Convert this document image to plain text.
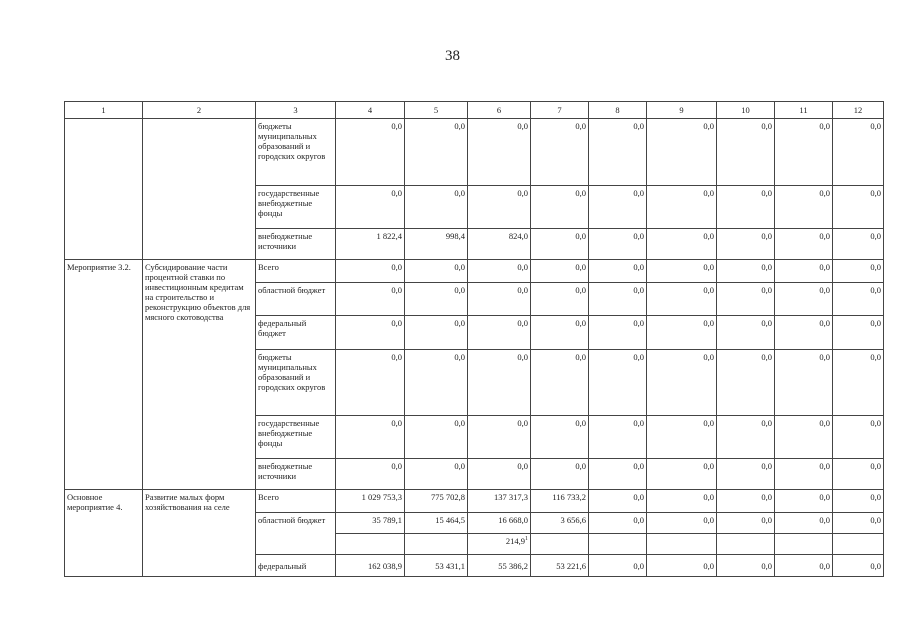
38
1	2	3	4	5	6	7	8	9	10	11	12
		бюджеты муниципальных образований и городских округов	0,0	0,0	0,0	0,0	0,0	0,0	0,0	0,0	0,0
		государственные внебюджетные фонды	0,0	0,0	0,0	0,0	0,0	0,0	0,0	0,0	0,0
		внебюджетные источники	1 822,4	998,4	824,0	0,0	0,0	0,0	0,0	0,0	0,0
Мероприятие 3.2.	Субсидирование части процентной ставки по инвестиционным кредитам на строительство и реконструкцию объектов для мясного скотоводства	Всего	0,0	0,0	0,0	0,0	0,0	0,0	0,0	0,0	0,0
		областной бюджет	0,0	0,0	0,0	0,0	0,0	0,0	0,0	0,0	0,0
		федеральный бюджет	0,0	0,0	0,0	0,0	0,0	0,0	0,0	0,0	0,0
		бюджеты муниципальных образований и городских округов	0,0	0,0	0,0	0,0	0,0	0,0	0,0	0,0	0,0
		государственные внебюджетные фонды	0,0	0,0	0,0	0,0	0,0	0,0	0,0	0,0	0,0
		внебюджетные источники	0,0	0,0	0,0	0,0	0,0	0,0	0,0	0,0	0,0
Основное мероприятие 4.	Развитие малых форм хозяйствования на селе	Всего	1 029 753,3	775 702,8	137 317,3	116 733,2	0,0	0,0	0,0	0,0	0,0
		областной бюджет	35 789,1	15 464,5	16 668,0	3 656,6	0,0	0,0	0,0	0,0	0,0
					214,9$^1$						
		федеральный	162 038,9	53 431,1	55 386,2	53 221,6	0,0	0,0	0,0	0,0	0,0
